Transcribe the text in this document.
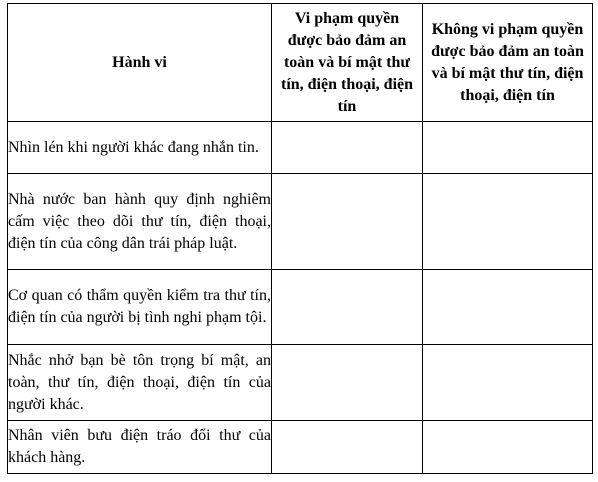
Hành vi	Vi phạm quyền được bảo đảm an toàn và bí mật thư tín, điện thoại, điện tín	Không vi phạm quyền được bảo đảm an toàn và bí mật thư tín, điện thoại, điện tín

Nhìn lén khi người khác đang nhắn tin.		
Nhà nước ban hành quy định nghiêm cấm việc theo dõi thư tín, điện thoại, điện tín của công dân trái pháp luật.		
Cơ quan có thẩm quyền kiểm tra thư tín, điện tín của người bị tình nghi phạm tội.		
Nhắc nhở bạn bè tôn trọng bí mật, an toàn, thư tín, điện thoại, điện tín của người khác.		
Nhân viên bưu điện tráo đổi thư của khách hàng.		
